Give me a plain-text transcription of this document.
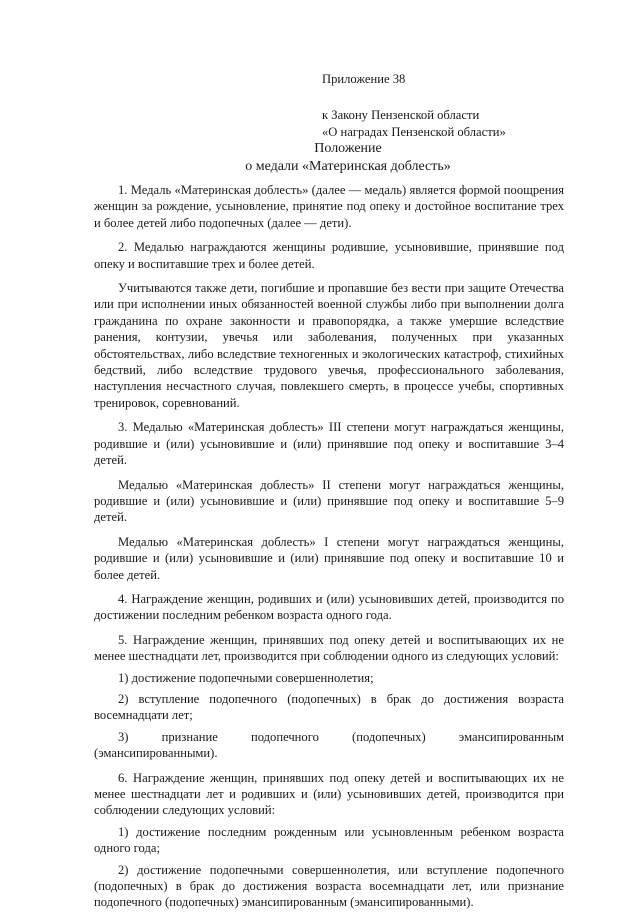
Приложение 38
к Закону Пензенской области
«О наградах Пензенской области»
Положение
о медали «Материнская доблесть»

1. Медаль «Материнская доблесть» (далее — медаль) является формой поощрения женщин за рождение, усыновление, принятие под опеку и достойное воспитание трех и более детей либо подопечных (далее — дети).

2. Медалью награждаются женщины родившие, усыновившие, принявшие под опеку и воспитавшие трех и более детей.

Учитываются также дети, погибшие и пропавшие без вести при защите Отечества или при исполнении иных обязанностей военной службы либо при выполнении долга гражданина по охране законности и правопорядка, а также умершие вследствие ранения, контузии, увечья или заболевания, полученных при указанных обстоятельствах, либо вследствие техногенных и экологических катастроф, стихийных бедствий, либо вследствие трудового увечья, профессионального заболевания, наступления несчастного случая, повлекшего смерть, в процессе учебы, спортивных тренировок, соревнований.

3. Медалью «Материнская доблесть» III степени могут награждаться женщины, родившие и (или) усыновившие и (или) принявшие под опеку и воспитавшие 3–4 детей.

Медалью «Материнская доблесть» II степени могут награждаться женщины, родившие и (или) усыновившие и (или) принявшие под опеку и воспитавшие 5–9 детей.

Медалью «Материнская доблесть» I степени могут награждаться женщины, родившие и (или) усыновившие и (или) принявшие под опеку и воспитавшие 10 и более детей.

4. Награждение женщин, родивших и (или) усыновивших детей, производится по достижении последним ребенком возраста одного года.

5. Награждение женщин, принявших под опеку детей и воспитывающих их не менее шестнадцати лет, производится при соблюдении одного из следующих условий:

1) достижение подопечными совершеннолетия;

2) вступление подопечного (подопечных) в брак до достижения возраста восемнадцати лет;

3) признание подопечного (подопечных) эмансипированным (эмансипированными).

6. Награждение женщин, принявших под опеку детей и воспитывающих их не менее шестнадцати лет и родивших и (или) усыновивших детей, производится при соблюдении следующих условий:

1) достижение последним рожденным или усыновленным ребенком возраста одного года;

2) достижение подопечными совершеннолетия, или вступление подопечного (подопечных) в брак до достижения возраста восемнадцати лет, или признание подопечного (подопечных) эмансипированным (эмансипированными).
